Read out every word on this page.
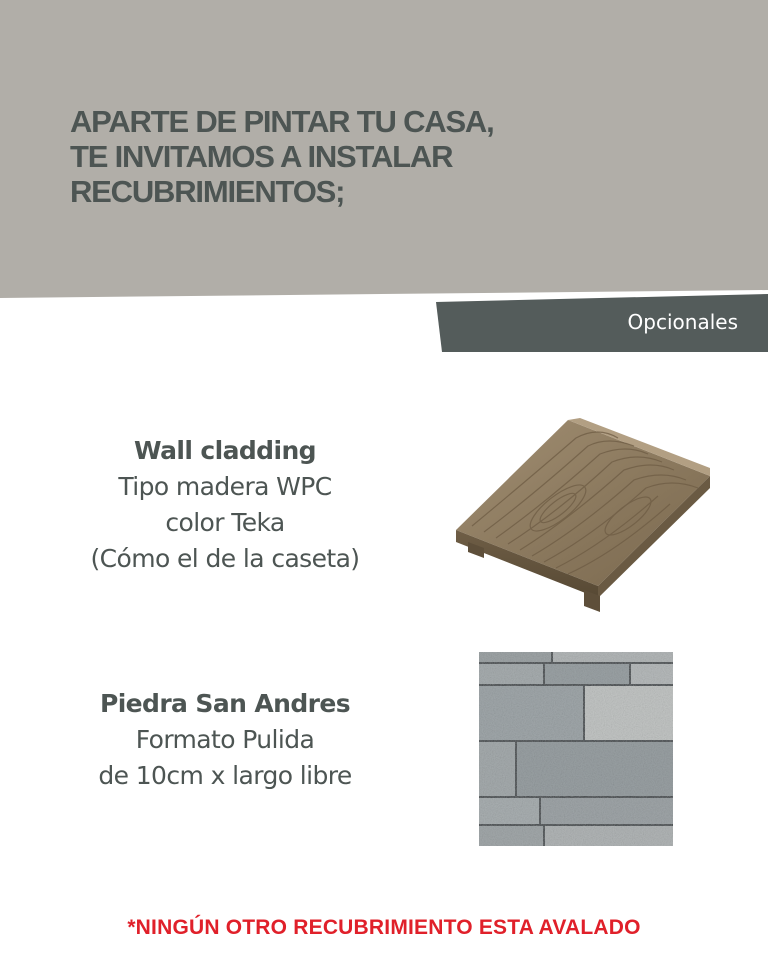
APARTE DE PINTAR TU CASA,
TE INVITAMOS A INSTALAR
RECUBRIMIENTOS;
Opcionales
Wall cladding
Tipo madera WPC
color Teka
(Cómo el de la caseta)
Piedra San Andres
Formato Pulida
de 10cm x largo libre
*NINGÚN OTRO RECUBRIMIENTO ESTA AVALADO
